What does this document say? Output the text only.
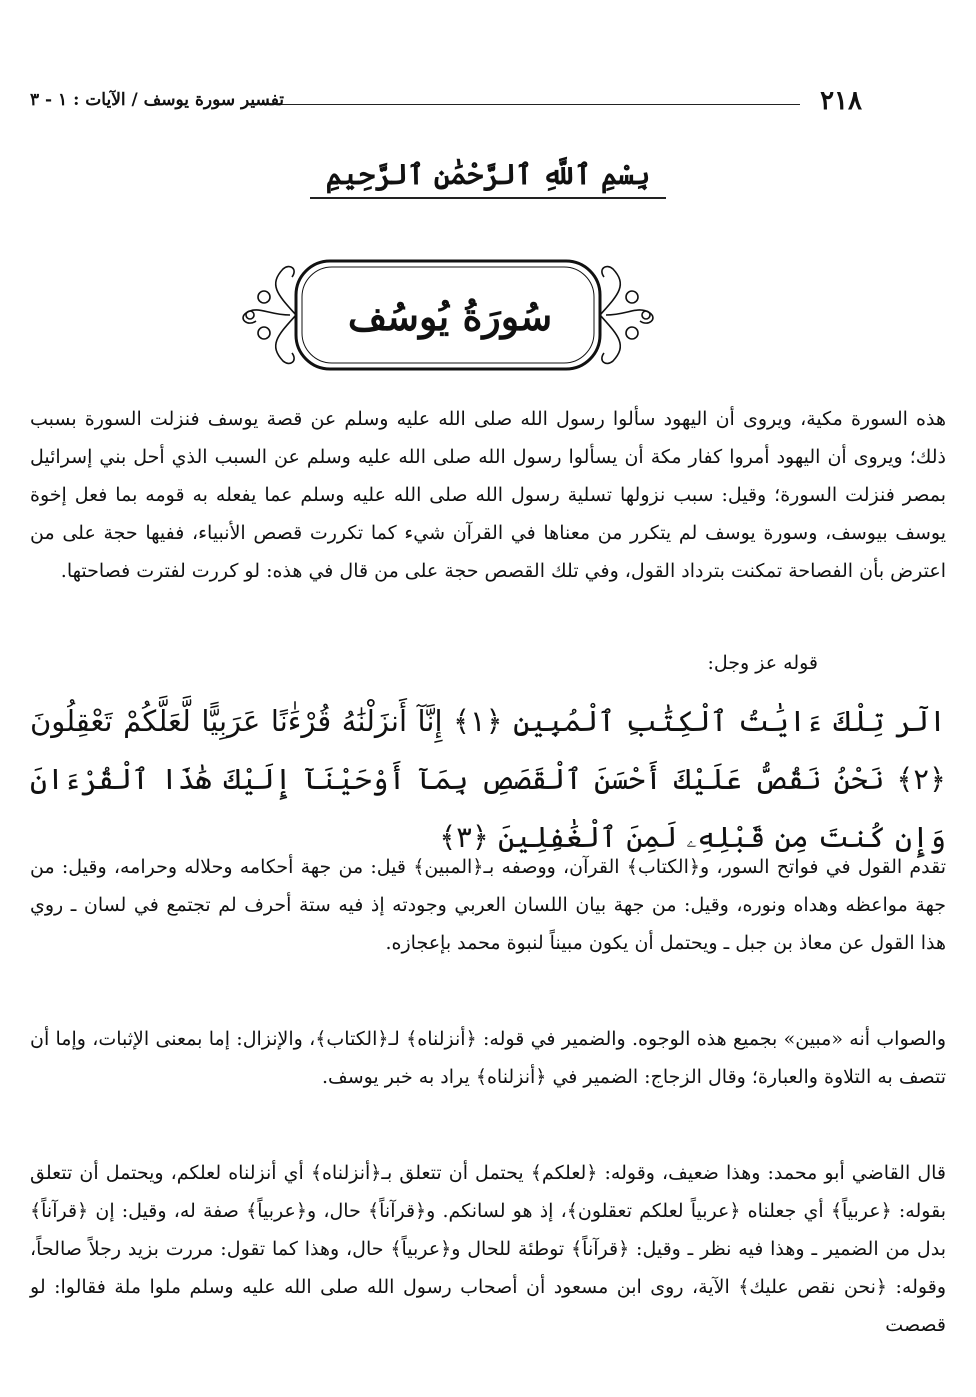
٢١٨
تفسير سورة يوسف / الآيات : ١ - ٣
بِسْمِ ٱللَّهِ ٱلرَّحْمَٰنِ ٱلرَّحِيمِ
سُورَةُ يُوسُف

هذه السورة مكية، ويروى أن اليهود سألوا رسول الله صلى الله عليه وسلم عن قصة يوسف فنزلت السورة بسبب ذلك؛ ويروى أن اليهود أمروا كفار مكة أن يسألوا رسول الله صلى الله عليه وسلم عن السبب الذي أحل بني إسرائيل بمصر فنزلت السورة؛ وقيل: سبب نزولها تسلية رسول الله صلى الله عليه وسلم عما يفعله به قومه بما فعل إخوة يوسف بيوسف، وسورة يوسف لم يتكرر من معناها في القرآن شيء كما تكررت قصص الأنبياء، ففيها حجة على من اعترض بأن الفصاحة تمكنت بترداد القول، وفي تلك القصص حجة على من قال في هذه: لو كررت لفترت فصاحتها.

قوله عز وجل:

الٓر تِلْكَ ءَايَٰتُ ٱلْكِتَٰبِ ٱلْمُبِينِ ﴿١﴾ إِنَّآ أَنزَلْنَٰهُ قُرْءَٰنًا عَرَبِيًّا لَّعَلَّكُمْ تَعْقِلُونَ ﴿٢﴾ نَحْنُ نَقُصُّ عَلَيْكَ أَحْسَنَ ٱلْقَصَصِ بِمَآ أَوْحَيْنَآ إِلَيْكَ هَٰذَا ٱلْقُرْءَانَ وَإِن كُنتَ مِن قَبْلِهِۦ لَمِنَ ٱلْغَٰفِلِينَ ﴿٣﴾

تقدم القول في فواتح السور، و﴿الكتاب﴾ القرآن، ووصفه بـ﴿المبين﴾ قيل: من جهة أحكامه وحلاله وحرامه، وقيل: من جهة مواعظه وهداه ونوره، وقيل: من جهة بيان اللسان العربي وجودته إذ فيه ستة أحرف لم تجتمع في لسان ـ روي هذا القول عن معاذ بن جبل ـ ويحتمل أن يكون مبيناً لنبوة محمد بإعجازه.

والصواب أنه «مبين» بجميع هذه الوجوه. والضمير في قوله: ﴿أنزلناه﴾ لـ﴿الكتاب﴾، والإنزال: إما بمعنى الإثبات، وإما أن تتصف به التلاوة والعبارة؛ وقال الزجاج: الضمير في ﴿أنزلناه﴾ يراد به خبر يوسف.

قال القاضي أبو محمد: وهذا ضعيف، وقوله: ﴿لعلكم﴾ يحتمل أن تتعلق بـ﴿أنزلناه﴾ أي أنزلناه لعلكم، ويحتمل أن تتعلق بقوله: ﴿عربياً﴾ أي جعلناه ﴿عربياً لعلكم تعقلون﴾، إذ هو لسانكم. و﴿قرآناً﴾ حال، و﴿عربياً﴾ صفة له، وقيل: إن ﴿قرآناً﴾ بدل من الضمير ـ وهذا فيه نظر ـ وقيل: ﴿قرآناً﴾ توطئة للحال و﴿عربياً﴾ حال، وهذا كما تقول: مررت بزيد رجلاً صالحاً، وقوله: ﴿نحن نقص عليك﴾ الآية، روى ابن مسعود أن أصحاب رسول الله صلى الله عليه وسلم ملوا ملة فقالوا: لو قصصت
